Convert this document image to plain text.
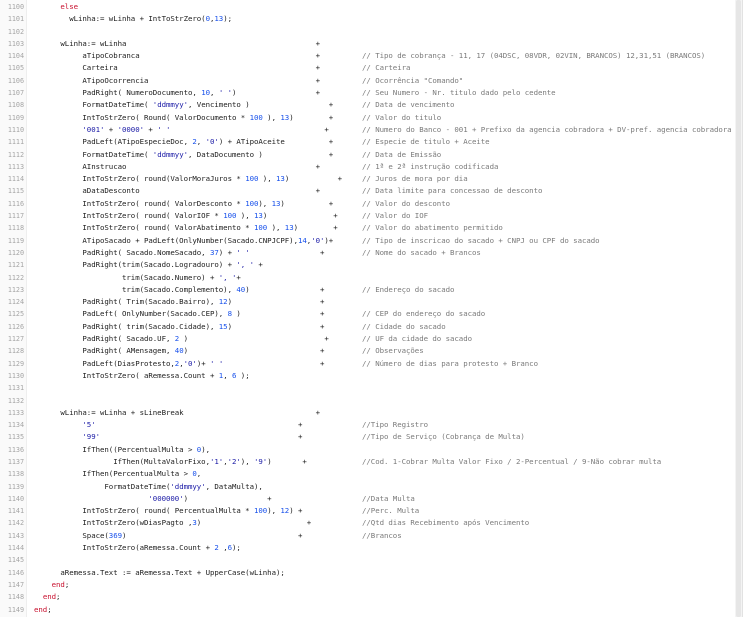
1100	else
1101 wLinha:= wLinha + IntToStrZero(0,13);
1102
1103 wLinha:= wLinha                                           +
1104 aTipoCobranca                                        +	// Tipo de cobrança - 11, 17 (04DSC, 08VDR, 02VIN, BRANCOS) 12,31,51 (BRANCOS)
1105 Carteira                                             +	// Carteira
1106 ATipoOcorrencia                                      +	// Ocorrência "Comando"
1107 PadRight( NumeroDocumento, 10, ' ')                  +	// Seu Numero - Nr. titulo dado pelo cedente
1108 FormatDateTime( 'ddmmyy', Vencimento )                  +	// Data de vencimento
1109 IntToStrZero( Round( ValorDocumento * 100 ), 13)        +	// Valor do titulo
1110	'001' + '0000' + ' '                                   +	// Numero do Banco - 001 + Prefixo da agencia cobradora + DV-pref. agencia cobradora
1111 PadLeft(ATipoEspecieDoc, 2, '0') + ATipoAceite          +	// Especie de titulo + Aceite
1112 FormatDateTime( 'ddmmyy', DataDocumento )               +	// Data de Emissão
1113 AInstrucao                                           +	// 1ª e 2ª instrução codificada
1114 IntToStrZero( round(ValorMoraJuros * 100 ), 13)           + // Juros de mora por dia
1115 aDataDesconto                                        +	// Data limite para concessao de desconto
1116 IntToStrZero( round( ValorDesconto * 100), 13)          +	// Valor do desconto
1117 IntToStrZero( round( ValorIOF * 100 ), 13)               +	// Valor do IOF
1118 IntToStrZero( round( ValorAbatimento * 100 ), 13)        +	// Valor do abatimento permitido
1119 ATipoSacado + PadLeft(OnlyNumber(Sacado.CNPJCPF),14,'0')+	// Tipo de inscricao do sacado + CNPJ ou CPF do sacado
1120 PadRight( Sacado.NomeSacado, 37) + ' '                +	// Nome do sacado + Brancos
1121 PadRight(trim(Sacado.Logradouro) + ', ' +
1122 trim(Sacado.Numero) + ', '+
1123 trim(Sacado.Complemento), 40)                +	// Endereço do sacado
1124 PadRight( Trim(Sacado.Bairro), 12)                    +
1125 PadLeft( OnlyNumber(Sacado.CEP), 8 )                  +	// CEP do endereço do sacado
1126 PadRight( trim(Sacado.Cidade), 15)                    +	// Cidade do sacado
1127 PadRight( Sacado.UF, 2 )                               +	// UF da cidade do sacado
1128 PadRight( AMensagem, 40)                              +	// Observações
1129 PadLeft(DiasProtesto,2,'0')+ ' '                      +	// Número de dias para protesto + Branco
1130 IntToStrZero( aRemessa.Count + 1, 6 );
1131
1132
1133 wLinha:= wLinha + sLineBreak                              +
1134	'5'                                              +	//Tipo Registro
1135	'99'                                             +	//Tipo de Serviço (Cobrança de Multa)
1136 IfThen((PercentualMulta > 0),
1137 IfThen(MultaValorFixo,'1','2'), '9')       +	//Cod. 1-Cobrar Multa Valor Fixo / 2-Percentual / 9-Não cobrar multa
1138 IfThen(PercentualMulta > 0,
1139 FormatDateTime('ddmmyy', DataMulta),
1140	'000000')                  +	//Data Multa
1141 IntToStrZero( round( PercentualMulta * 100), 12) +	//Perc. Multa
1142 IntToStrZero(wDiasPagto ,3)                        +	//Qtd dias Recebimento após Vencimento
1143 Space(369)                                       +	//Brancos
1144 IntToStrZero(aRemessa.Count + 2 ,6);
1145
1146 aRemessa.Text := aRemessa.Text + UpperCase(wLinha);
1147	end;
1148	end;
1149 end;
